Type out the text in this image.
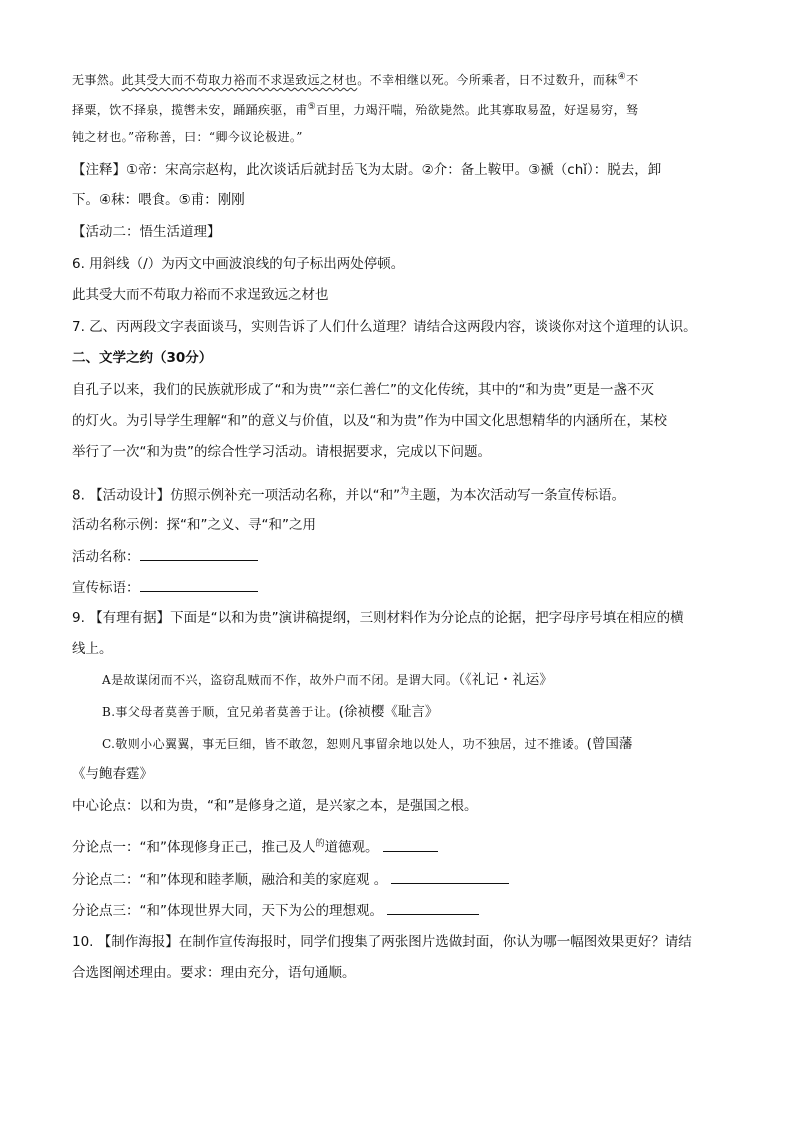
无事然。此其受大而不苟取力裕而不求逞致远之材也。不幸相继以死。今所乘者，日不过数升，而秣④不
择粟，饮不择泉，揽辔未安，踊踊疾驱，甫⑤百里，力竭汗喘，殆欲毙然。此其寡取易盈，好逞易穷，驽
钝之材也。”帝称善，曰：“卿今议论极进。”
【注释】①帝：宋高宗赵构，此次谈话后就封岳飞为太尉。②介：备上鞍甲。③褫（chǐ）：脱去，卸
下。④秣：喂食。⑤甫：刚刚
【活动二：悟生活道理】
6. 用斜线（/）为丙文中画波浪线的句子标出两处停顿。
此其受大而不苟取力裕而不求逞致远之材也
7. 乙、丙两段文字表面谈马，实则告诉了人们什么道理？请结合这两段内容，谈谈你对这个道理的认识。
二、文学之约（30分）
自孔子以来，我们的民族就形成了“和为贵”“亲仁善仁”的文化传统，其中的“和为贵”更是一盏不灭
的灯火。为引导学生理解“和”的意义与价值，以及“和为贵”作为中国文化思想精华的内涵所在，某校
举行了一次“和为贵”的综合性学习活动。请根据要求，完成以下问题。
8. 【活动设计】仿照示例补充一项活动名称，并以“和”$^为$主题，为本次活动写一条宣传标语。
活动名称示例：探“和”之义、寻“和”之用
活动名称：
宣传标语：
9. 【有理有据】下面是“以和为贵”演讲稿提纲，三则材料作为分论点的论据，把字母序号填在相应的横
线上。
A是故谋闭而不兴，盗窃乱贼而不作，故外户而不闭。是谓大同。（《礼记・礼运》
B.事父母者莫善于顺，宜兄弟者莫善于让。(徐祯樱《耻言》
C.敬则小心翼翼，事无巨细，皆不敢忽，恕则凡事留余地以处人，功不独居，过不推诿。(曾国藩
《与鲍春霆》
中心论点：以和为贵，“和”是修身之道，是兴家之本，是强国之根。
分论点一：“和”体现修身正己，推己及人$^的$道德观。
分论点二：“和”体现和睦孝顺，融洽和美的家庭观 。
分论点三：“和”体现世界大同，天下为公的理想观。
10. 【制作海报】在制作宣传海报时，同学们搜集了两张图片选做封面，你认为哪一幅图效果更好？请结
合选图阐述理由。要求：理由充分，语句通顺。
